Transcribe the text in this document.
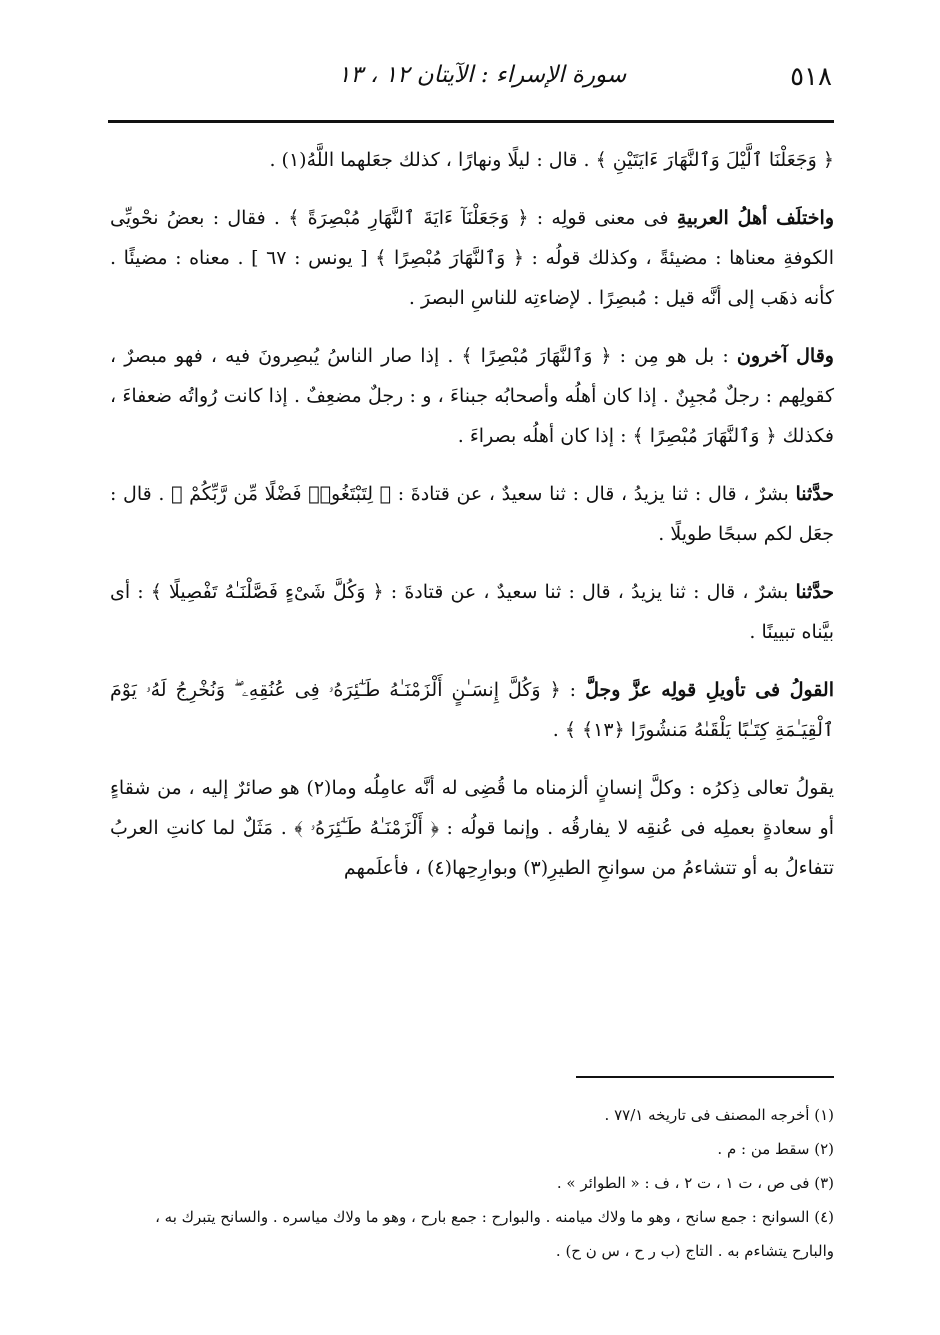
٥١٨
سورة الإسراء : الآيتان ١٢ ، ١٣

﴿ وَجَعَلْنَا ٱلَّيْلَ وَٱلنَّهَارَ ءَايَتَيْنِ ﴾ . قال : ليلًا ونهارًا ، كذلك جعَلهما اللَّهُ(١) .

واختلَف أهلُ العربيةِ فى معنى قولِه : ﴿ وَجَعَلْنَآ ءَايَةَ ٱلنَّهَارِ مُبْصِرَةً ﴾ . فقال : بعضُ نحْويِّى الكوفةِ معناها : مضيئةً ، وكذلك قولُه : ﴿ وَٱلنَّهَارَ مُبْصِرًا ﴾ [ يونس : ٦٧ ] . معناه : مضيئًا . كأنه ذهَب إلى أنَّه قيل : مُبصِرًا . لإضاءتِه للناسِ البصرَ .

وقال آخرون : بل هو مِن : ﴿ وَٱلنَّهَارَ مُبْصِرًا ﴾ . إذا صار الناسُ يُبصِرونَ فيه ، فهو مبصرٌ ، كقولِهم : رجلٌ مُجبِنٌ . إذا كان أهلُه وأصحابُه جبناءَ ، و : رجلٌ مضعِفٌ . إذا كانت رُواتُه ضعفاءَ ، فكذلك ﴿ وَٱلنَّهَارَ مُبْصِرًا ﴾ : إذا كان أهلُه بصراءَ .

حدَّثنا بشرٌ ، قال : ثنا يزيدُ ، قال : ثنا سعيدٌ ، عن قتادةَ : ﴿ لِتَبْتَغُوا۟ فَضْلًا مِّن رَّبِّكُمْ ﴾ . قال : جعَل لكم سبحًا طويلًا .

حدَّثنا بشرٌ ، قال : ثنا يزيدُ ، قال : ثنا سعيدٌ ، عن قتادةَ : ﴿ وَكُلَّ شَىْءٍ فَصَّلْنَـٰهُ تَفْصِيلًا ﴾ : أى بيَّناه تبيينًا .

القولُ فى تأويلِ قولِه عزَّ وجلَّ : ﴿ وَكُلَّ إِنسَـٰنٍ أَلْزَمْنَـٰهُ طَـٰٓئِرَهُۥ فِى عُنُقِهِۦ ۖ وَنُخْرِجُ لَهُۥ يَوْمَ ٱلْقِيَـٰمَةِ كِتَـٰبًا يَلْقَىٰهُ مَنشُورًا ﴿١٣﴾ ﴾ .

يقولُ تعالى ذِكرُه : وكلَّ إنسانٍ ألزمناه ما قُضِى له أنَّه عامِلُه وما(٢) هو صائرٌ إليه ، من شقاءٍ أو سعادةٍ بعملِه فى عُنقِه لا يفارقُه . وإنما قولُه : ﴿ أَلْزَمْنَـٰهُ طَـٰٓئِرَهُۥ ﴾ . مَثَلٌ لما كانتِ العربُ تتفاءلُ به أو تتشاءمُ من سوانحِ الطيرِ(٣) وبوارِحِها(٤) ، فأعلَمهم

(١) أخرجه المصنف فى تاريخه ٧٧/١ .

(٢) سقط من : م .

(٣) فى ص ، ت ١ ، ت ٢ ، ف : « الطوائر » .

(٤) السوانح : جمع سانح ، وهو ما ولاك ميامنه . والبوارح : جمع بارح ، وهو ما ولاك مياسره . والسانح يتبرك به ، والبارح يتشاءم به . التاج (ب ر ح ، س ن ح) .
